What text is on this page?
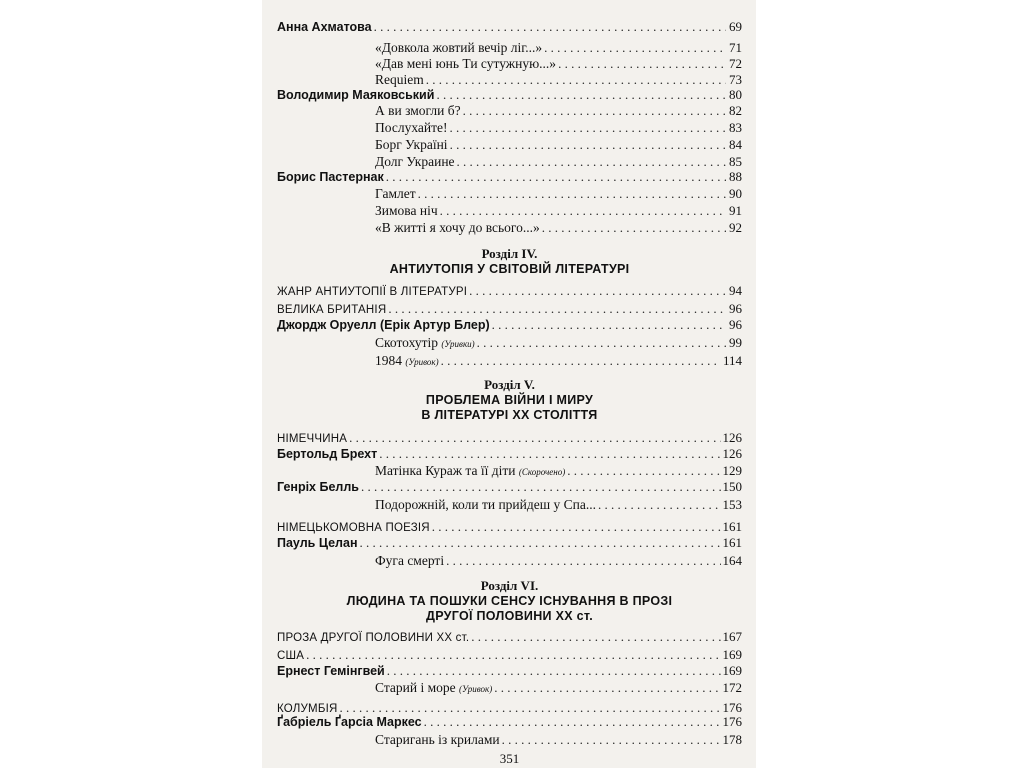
Анна Ахматова . . .	69
«Довкола жовтий вечір ліг...» . . .	71
«Дав мені юнь Ти сутужную...» . . .	72
Requiem . . .	73
Володимир Маяковський . . .	80
А ви змогли б? . . .	82
Послухайте! . . .	83
Борг Україні . . .	84
Долг Украине . . .	85
Борис Пастернак . . .	88
Гамлет . . .	90
Зимова ніч . . .	91
«В житті я хочу до всього...» . . .	92
Розділ IV.
АНТИУТОПІЯ У СВІТОВІЙ ЛІТЕРАТУРІ
ЖАНР АНТИУТОПІЇ В ЛІТЕРАТУРІ . . .	94
ВЕЛИКА БРИТАНІЯ . . .	96
Джордж Оруелл (Ерік Артур Блер) . . .	96
Скотохутір (Уривки) . . .	99
1984 (Уривок) . . .	114
Розділ V.
ПРОБЛЕМА ВІЙНИ І МИРУ
В ЛІТЕРАТУРІ XX СТОЛІТТЯ
НІМЕЧЧИНА . . .	126
Бертольд Брехт . . .	126
Матінка Кураж та її діти (Скорочено) . . .	129
Генріх Белль . . .	150
Подорожній, коли ти прийдеш у Спа... . . .	153
НІМЕЦЬКОМОВНА ПОЕЗІЯ . . .	161
Пауль Целан . . .	161
Фуга смерті . . .	164
Розділ VI.
ЛЮДИНА ТА ПОШУКИ СЕНСУ ІСНУВАННЯ В ПРОЗІ
ДРУГОЇ ПОЛОВИНИ XX ст.
ПРОЗА ДРУГОЇ ПОЛОВИНИ XX ст. . . .	167
США . . .	169
Ернест Гемінгвей . . .	169
Старий і море (Уривок) . . .	172
КОЛУМБІЯ . . .	176
Ґабріель Ґарсіа Маркес . . .	176
Старигань із крилами . . .	178
351
